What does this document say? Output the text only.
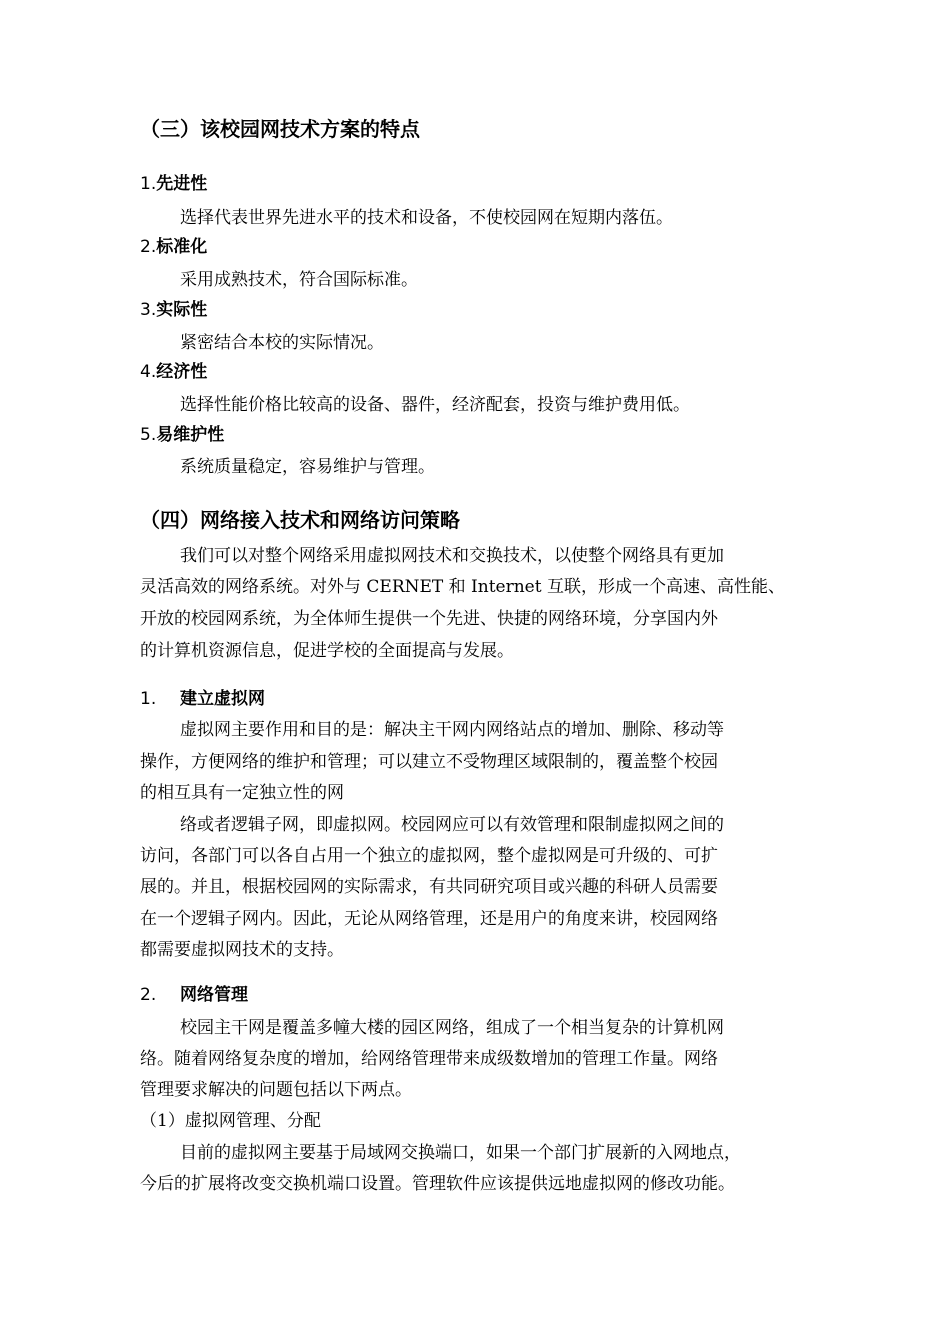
（三）该校园网技术方案的特点
1.先进性
选择代表世界先进水平的技术和设备，不使校园网在短期内落伍。
2.标准化
采用成熟技术，符合国际标准。
3.实际性
紧密结合本校的实际情况。
4.经济性
选择性能价格比较高的设备、器件，经济配套，投资与维护费用低。
5.易维护性
系统质量稳定，容易维护与管理。
（四）网络接入技术和网络访问策略
我们可以对整个网络采用虚拟网技术和交换技术，以使整个网络具有更加
灵活高效的网络系统。对外与 CERNET 和 Internet 互联，形成一个高速、高性能、
开放的校园网系统，为全体师生提供一个先进、快捷的网络环境，分享国内外
的计算机资源信息，促进学校的全面提高与发展。
1. 建立虚拟网
虚拟网主要作用和目的是：解决主干网内网络站点的增加、删除、移动等
操作，方便网络的维护和管理；可以建立不受物理区域限制的，覆盖整个校园
的相互具有一定独立性的网
络或者逻辑子网，即虚拟网。校园网应可以有效管理和限制虚拟网之间的
访问，各部门可以各自占用一个独立的虚拟网，整个虚拟网是可升级的、可扩
展的。并且，根据校园网的实际需求，有共同研究项目或兴趣的科研人员需要
在一个逻辑子网内。因此，无论从网络管理，还是用户的角度来讲，校园网络
都需要虚拟网技术的支持。
2. 网络管理
校园主干网是覆盖多幢大楼的园区网络，组成了一个相当复杂的计算机网
络。随着网络复杂度的增加，给网络管理带来成级数增加的管理工作量。网络
管理要求解决的问题包括以下两点。
（1）虚拟网管理、分配
目前的虚拟网主要基于局域网交换端口，如果一个部门扩展新的入网地点，
今后的扩展将改变交换机端口设置。管理软件应该提供远地虚拟网的修改功能。
